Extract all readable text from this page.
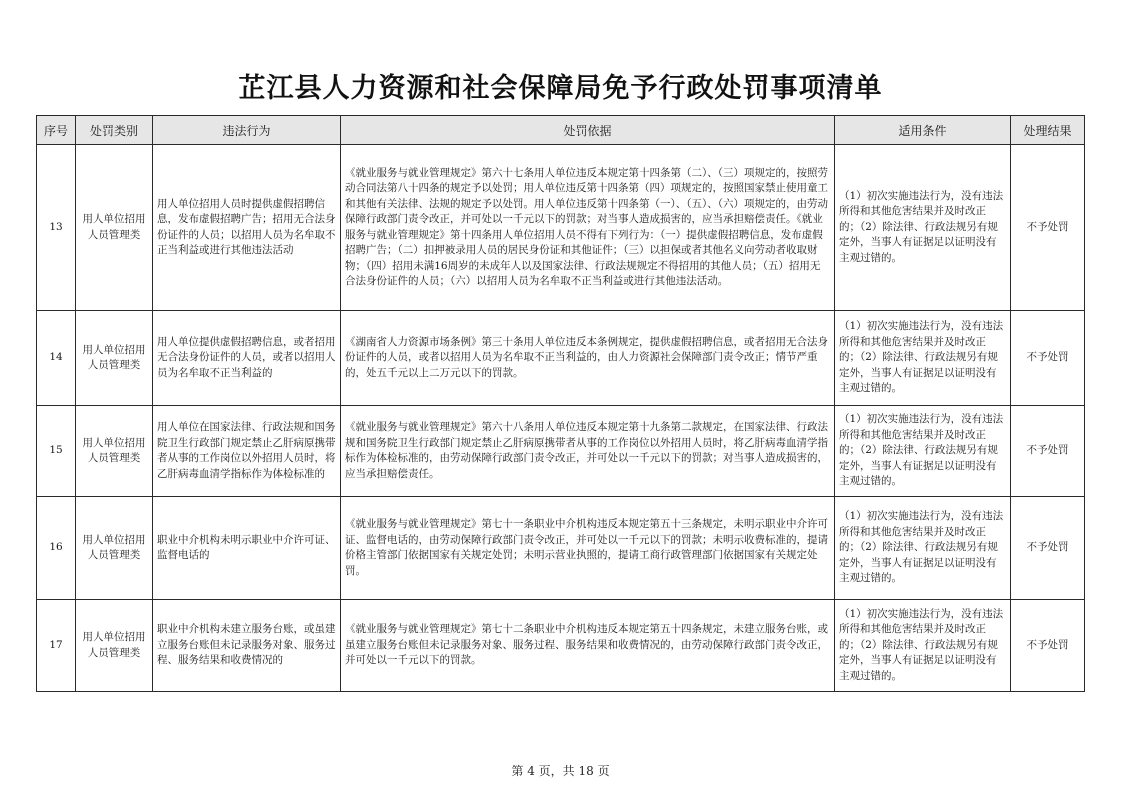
芷江县人力资源和社会保障局免予行政处罚事项清单
序号	处罚类别	违法行为	处罚依据	适用条件	处理结果
13	用人单位招用人员管理类	用人单位招用人员时提供虚假招聘信息，发布虚假招聘广告；招用无合法身份证件的人员；以招用人员为名牟取不正当利益或进行其他违法活动	《就业服务与就业管理规定》第六十七条用人单位违反本规定第十四条第（二）、（三）项规定的，按照劳动合同法第八十四条的规定予以处罚；用人单位违反第十四条第（四）项规定的，按照国家禁止使用童工和其他有关法律、法规的规定予以处罚。用人单位违反第十四条第（一）、（五）、（六）项规定的，由劳动保障行政部门责令改正，并可处以一千元以下的罚款；对当事人造成损害的，应当承担赔偿责任。《就业服务与就业管理规定》第十四条用人单位招用人员不得有下列行为：（一）提供虚假招聘信息，发布虚假招聘广告；（二）扣押被录用人员的居民身份证和其他证件；（三）以担保或者其他名义向劳动者收取财物；（四）招用未满16周岁的未成年人以及国家法律、行政法规规定不得招用的其他人员；（五）招用无合法身份证件的人员；（六）以招用人员为名牟取不正当利益或进行其他违法活动。	（1）初次实施违法行为，没有违法所得和其他危害结果并及时改正的；（2）除法律、行政法规另有规定外，当事人有证据足以证明没有主观过错的。	不予处罚
14	用人单位招用人员管理类	用人单位提供虚假招聘信息，或者招用无合法身份证件的人员，或者以招用人员为名牟取不正当利益的	《湖南省人力资源市场条例》第三十条用人单位违反本条例规定，提供虚假招聘信息，或者招用无合法身份证件的人员，或者以招用人员为名牟取不正当利益的，由人力资源社会保障部门责令改正；情节严重的，处五千元以上二万元以下的罚款。	（1）初次实施违法行为，没有违法所得和其他危害结果并及时改正的；（2）除法律、行政法规另有规定外，当事人有证据足以证明没有主观过错的。	不予处罚
15	用人单位招用人员管理类	用人单位在国家法律、行政法规和国务院卫生行政部门规定禁止乙肝病原携带者从事的工作岗位以外招用人员时，将乙肝病毒血清学指标作为体检标准的	《就业服务与就业管理规定》第六十八条用人单位违反本规定第十九条第二款规定，在国家法律、行政法规和国务院卫生行政部门规定禁止乙肝病原携带者从事的工作岗位以外招用人员时，将乙肝病毒血清学指标作为体检标准的，由劳动保障行政部门责令改正，并可处以一千元以下的罚款；对当事人造成损害的，应当承担赔偿责任。	（1）初次实施违法行为，没有违法所得和其他危害结果并及时改正的；（2）除法律、行政法规另有规定外，当事人有证据足以证明没有主观过错的。	不予处罚
16	用人单位招用人员管理类	职业中介机构未明示职业中介许可证、监督电话的	《就业服务与就业管理规定》第七十一条职业中介机构违反本规定第五十三条规定，未明示职业中介许可证、监督电话的，由劳动保障行政部门责令改正，并可处以一千元以下的罚款；未明示收费标准的，提请价格主管部门依据国家有关规定处罚；未明示营业执照的，提请工商行政管理部门依据国家有关规定处罚。	（1）初次实施违法行为，没有违法所得和其他危害结果并及时改正的；（2）除法律、行政法规另有规定外，当事人有证据足以证明没有主观过错的。	不予处罚
17	用人单位招用人员管理类	职业中介机构未建立服务台账，或虽建立服务台账但未记录服务对象、服务过程、服务结果和收费情况的	《就业服务与就业管理规定》第七十二条职业中介机构违反本规定第五十四条规定，未建立服务台账，或虽建立服务台账但未记录服务对象、服务过程、服务结果和收费情况的，由劳动保障行政部门责令改正，并可处以一千元以下的罚款。	（1）初次实施违法行为，没有违法所得和其他危害结果并及时改正的；（2）除法律、行政法规另有规定外，当事人有证据足以证明没有主观过错的。	不予处罚
第 4 页，共 18 页
